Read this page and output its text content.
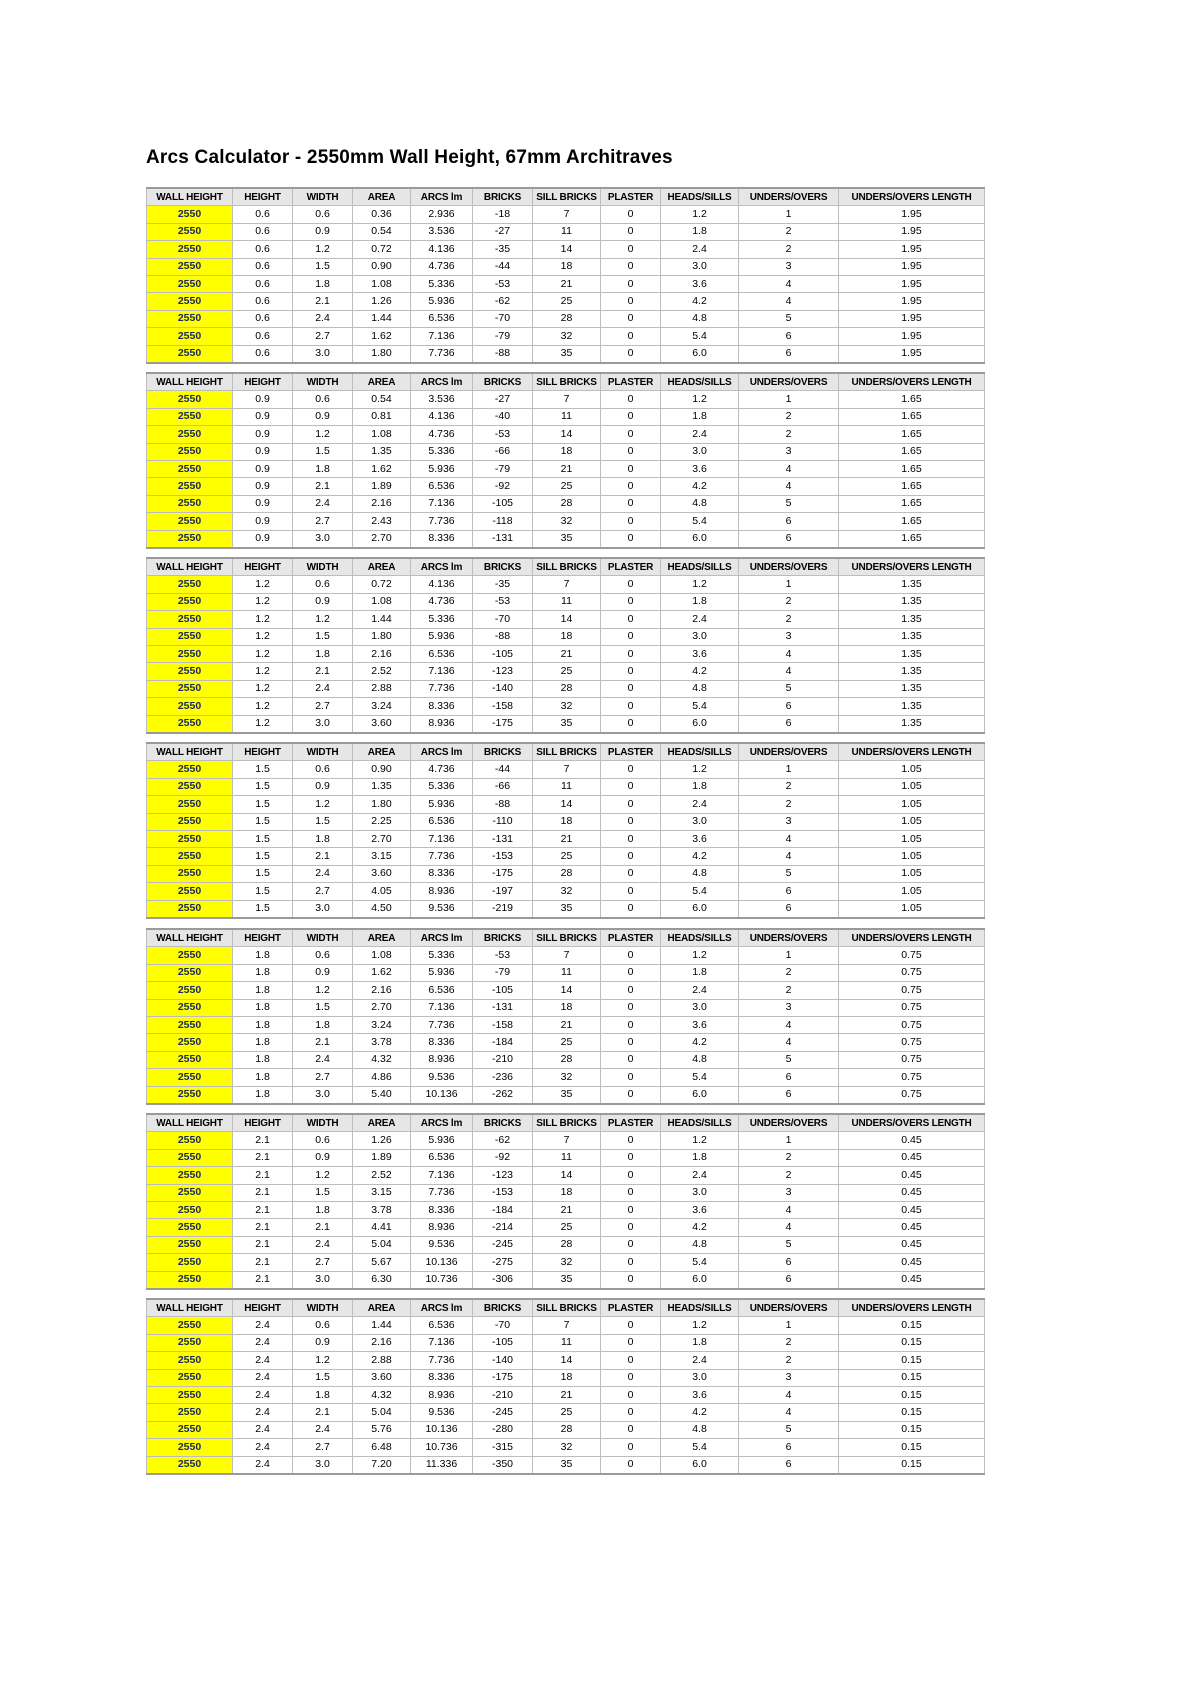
Arcs Calculator - 2550mm Wall Height, 67mm Architraves
WALL HEIGHT	HEIGHT	WIDTH	AREA	ARCS lm	BRICKS	SILL BRICKS	PLASTER	HEADS/SILLS	UNDERS/OVERS	UNDERS/OVERS LENGTH
2550	0.6	0.6	0.36	2.936	-18	7	0	1.2	1	1.95
2550	0.6	0.9	0.54	3.536	-27	11	0	1.8	2	1.95
2550	0.6	1.2	0.72	4.136	-35	14	0	2.4	2	1.95
2550	0.6	1.5	0.90	4.736	-44	18	0	3.0	3	1.95
2550	0.6	1.8	1.08	5.336	-53	21	0	3.6	4	1.95
2550	0.6	2.1	1.26	5.936	-62	25	0	4.2	4	1.95
2550	0.6	2.4	1.44	6.536	-70	28	0	4.8	5	1.95
2550	0.6	2.7	1.62	7.136	-79	32	0	5.4	6	1.95
2550	0.6	3.0	1.80	7.736	-88	35	0	6.0	6	1.95
WALL HEIGHT	HEIGHT	WIDTH	AREA	ARCS lm	BRICKS	SILL BRICKS	PLASTER	HEADS/SILLS	UNDERS/OVERS	UNDERS/OVERS LENGTH
2550	0.9	0.6	0.54	3.536	-27	7	0	1.2	1	1.65
2550	0.9	0.9	0.81	4.136	-40	11	0	1.8	2	1.65
2550	0.9	1.2	1.08	4.736	-53	14	0	2.4	2	1.65
2550	0.9	1.5	1.35	5.336	-66	18	0	3.0	3	1.65
2550	0.9	1.8	1.62	5.936	-79	21	0	3.6	4	1.65
2550	0.9	2.1	1.89	6.536	-92	25	0	4.2	4	1.65
2550	0.9	2.4	2.16	7.136	-105	28	0	4.8	5	1.65
2550	0.9	2.7	2.43	7.736	-118	32	0	5.4	6	1.65
2550	0.9	3.0	2.70	8.336	-131	35	0	6.0	6	1.65
WALL HEIGHT	HEIGHT	WIDTH	AREA	ARCS lm	BRICKS	SILL BRICKS	PLASTER	HEADS/SILLS	UNDERS/OVERS	UNDERS/OVERS LENGTH
2550	1.2	0.6	0.72	4.136	-35	7	0	1.2	1	1.35
2550	1.2	0.9	1.08	4.736	-53	11	0	1.8	2	1.35
2550	1.2	1.2	1.44	5.336	-70	14	0	2.4	2	1.35
2550	1.2	1.5	1.80	5.936	-88	18	0	3.0	3	1.35
2550	1.2	1.8	2.16	6.536	-105	21	0	3.6	4	1.35
2550	1.2	2.1	2.52	7.136	-123	25	0	4.2	4	1.35
2550	1.2	2.4	2.88	7.736	-140	28	0	4.8	5	1.35
2550	1.2	2.7	3.24	8.336	-158	32	0	5.4	6	1.35
2550	1.2	3.0	3.60	8.936	-175	35	0	6.0	6	1.35
WALL HEIGHT	HEIGHT	WIDTH	AREA	ARCS lm	BRICKS	SILL BRICKS	PLASTER	HEADS/SILLS	UNDERS/OVERS	UNDERS/OVERS LENGTH
2550	1.5	0.6	0.90	4.736	-44	7	0	1.2	1	1.05
2550	1.5	0.9	1.35	5.336	-66	11	0	1.8	2	1.05
2550	1.5	1.2	1.80	5.936	-88	14	0	2.4	2	1.05
2550	1.5	1.5	2.25	6.536	-110	18	0	3.0	3	1.05
2550	1.5	1.8	2.70	7.136	-131	21	0	3.6	4	1.05
2550	1.5	2.1	3.15	7.736	-153	25	0	4.2	4	1.05
2550	1.5	2.4	3.60	8.336	-175	28	0	4.8	5	1.05
2550	1.5	2.7	4.05	8.936	-197	32	0	5.4	6	1.05
2550	1.5	3.0	4.50	9.536	-219	35	0	6.0	6	1.05
WALL HEIGHT	HEIGHT	WIDTH	AREA	ARCS lm	BRICKS	SILL BRICKS	PLASTER	HEADS/SILLS	UNDERS/OVERS	UNDERS/OVERS LENGTH
2550	1.8	0.6	1.08	5.336	-53	7	0	1.2	1	0.75
2550	1.8	0.9	1.62	5.936	-79	11	0	1.8	2	0.75
2550	1.8	1.2	2.16	6.536	-105	14	0	2.4	2	0.75
2550	1.8	1.5	2.70	7.136	-131	18	0	3.0	3	0.75
2550	1.8	1.8	3.24	7.736	-158	21	0	3.6	4	0.75
2550	1.8	2.1	3.78	8.336	-184	25	0	4.2	4	0.75
2550	1.8	2.4	4.32	8.936	-210	28	0	4.8	5	0.75
2550	1.8	2.7	4.86	9.536	-236	32	0	5.4	6	0.75
2550	1.8	3.0	5.40	10.136	-262	35	0	6.0	6	0.75
WALL HEIGHT	HEIGHT	WIDTH	AREA	ARCS lm	BRICKS	SILL BRICKS	PLASTER	HEADS/SILLS	UNDERS/OVERS	UNDERS/OVERS LENGTH
2550	2.1	0.6	1.26	5.936	-62	7	0	1.2	1	0.45
2550	2.1	0.9	1.89	6.536	-92	11	0	1.8	2	0.45
2550	2.1	1.2	2.52	7.136	-123	14	0	2.4	2	0.45
2550	2.1	1.5	3.15	7.736	-153	18	0	3.0	3	0.45
2550	2.1	1.8	3.78	8.336	-184	21	0	3.6	4	0.45
2550	2.1	2.1	4.41	8.936	-214	25	0	4.2	4	0.45
2550	2.1	2.4	5.04	9.536	-245	28	0	4.8	5	0.45
2550	2.1	2.7	5.67	10.136	-275	32	0	5.4	6	0.45
2550	2.1	3.0	6.30	10.736	-306	35	0	6.0	6	0.45
WALL HEIGHT	HEIGHT	WIDTH	AREA	ARCS lm	BRICKS	SILL BRICKS	PLASTER	HEADS/SILLS	UNDERS/OVERS	UNDERS/OVERS LENGTH
2550	2.4	0.6	1.44	6.536	-70	7	0	1.2	1	0.15
2550	2.4	0.9	2.16	7.136	-105	11	0	1.8	2	0.15
2550	2.4	1.2	2.88	7.736	-140	14	0	2.4	2	0.15
2550	2.4	1.5	3.60	8.336	-175	18	0	3.0	3	0.15
2550	2.4	1.8	4.32	8.936	-210	21	0	3.6	4	0.15
2550	2.4	2.1	5.04	9.536	-245	25	0	4.2	4	0.15
2550	2.4	2.4	5.76	10.136	-280	28	0	4.8	5	0.15
2550	2.4	2.7	6.48	10.736	-315	32	0	5.4	6	0.15
2550	2.4	3.0	7.20	11.336	-350	35	0	6.0	6	0.15
